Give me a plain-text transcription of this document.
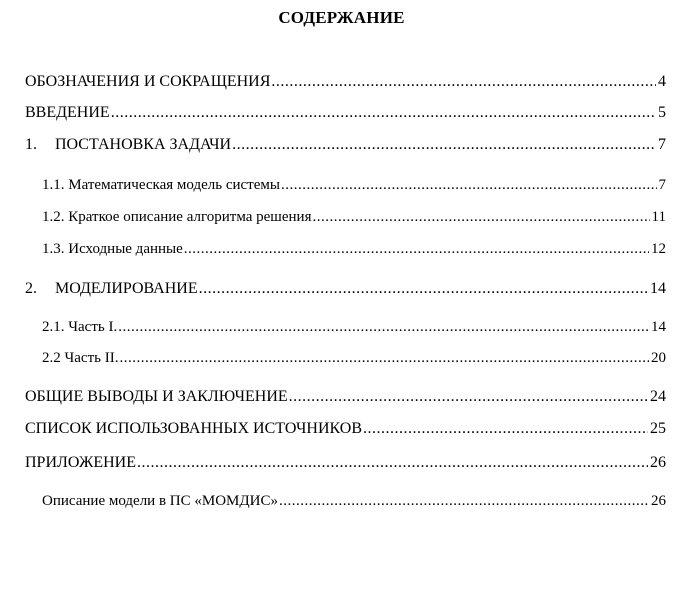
СОДЕРЖАНИЕ
ОБОЗНАЧЕНИЯ И СОКРАЩЕНИЯ .....	4
ВВЕДЕНИЕ .....	5
1. ПОСТАНОВКА ЗАДАЧИ .....	7
1.1. Математическая модель системы .....	7
1.2. Краткое описание алгоритма решения .....	11
1.3. Исходные данные .....	12
2. МОДЕЛИРОВАНИЕ .....	14
2.1. Часть I. .....	14
2.2 Часть II. .....	20
ОБЩИЕ ВЫВОДЫ И ЗАКЛЮЧЕНИЕ .....	24
СПИСОК ИСПОЛЬЗОВАННЫХ ИСТОЧНИКОВ .....	25
ПРИЛОЖЕНИЕ .....	26
Описание модели в ПС «МОМДИС» .....	26
